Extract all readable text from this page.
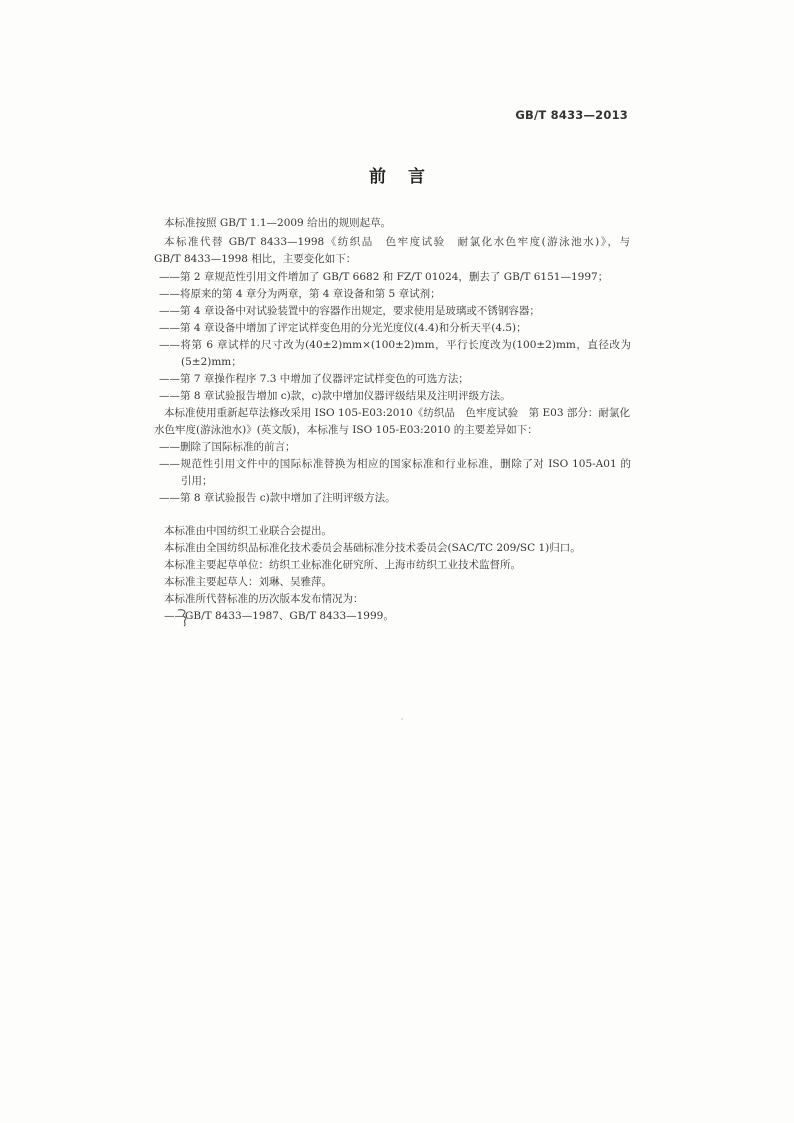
GB/T 8433—2013
前言
本标准按照 GB/T 1.1—2009 给出的规则起草。
本标准代替 GB/T 8433—1998《纺织品　色牢度试验　耐氯化水色牢度(游泳池水)》，与
GB/T 8433—1998 相比，主要变化如下：
——第 2 章规范性引用文件增加了 GB/T 6682 和 FZ/T 01024，删去了 GB/T 6151—1997；
——将原来的第 4 章分为两章，第 4 章设备和第 5 章试剂；
——第 4 章设备中对试验装置中的容器作出规定，要求使用是玻璃或不锈钢容器；
——第 4 章设备中增加了评定试样变色用的分光光度仪(4.4)和分析天平(4.5)；
——将第 6 章试样的尺寸改为(40±2)mm×(100±2)mm，平行长度改为(100±2)mm，直径改为
(5±2)mm；
——第 7 章操作程序 7.3 中增加了仪器评定试样变色的可选方法；
——第 8 章试验报告增加 c)款，c)款中增加仪器评级结果及注明评级方法。
本标准使用重新起草法修改采用 ISO 105-E03:2010《纺织品　色牢度试验　第 E03 部分：耐氯化
水色牢度(游泳池水)》(英文版)，本标准与 ISO 105-E03:2010 的主要差异如下：
——删除了国际标准的前言；
——规范性引用文件中的国际标准替换为相应的国家标准和行业标准，删除了对 ISO 105-A01 的
引用；
——第 8 章试验报告 c)款中增加了注明评级方法。
本标准由中国纺织工业联合会提出。
本标准由全国纺织品标准化技术委员会基础标准分技术委员会(SAC/TC 209/SC 1)归口。
本标准主要起草单位：纺织工业标准化研究所、上海市纺织工业技术监督所。
本标准主要起草人：刘琳、吴雅萍。
本标准所代替标准的历次版本发布情况为：
——GB/T 8433—1987、GB/T 8433—1999。
